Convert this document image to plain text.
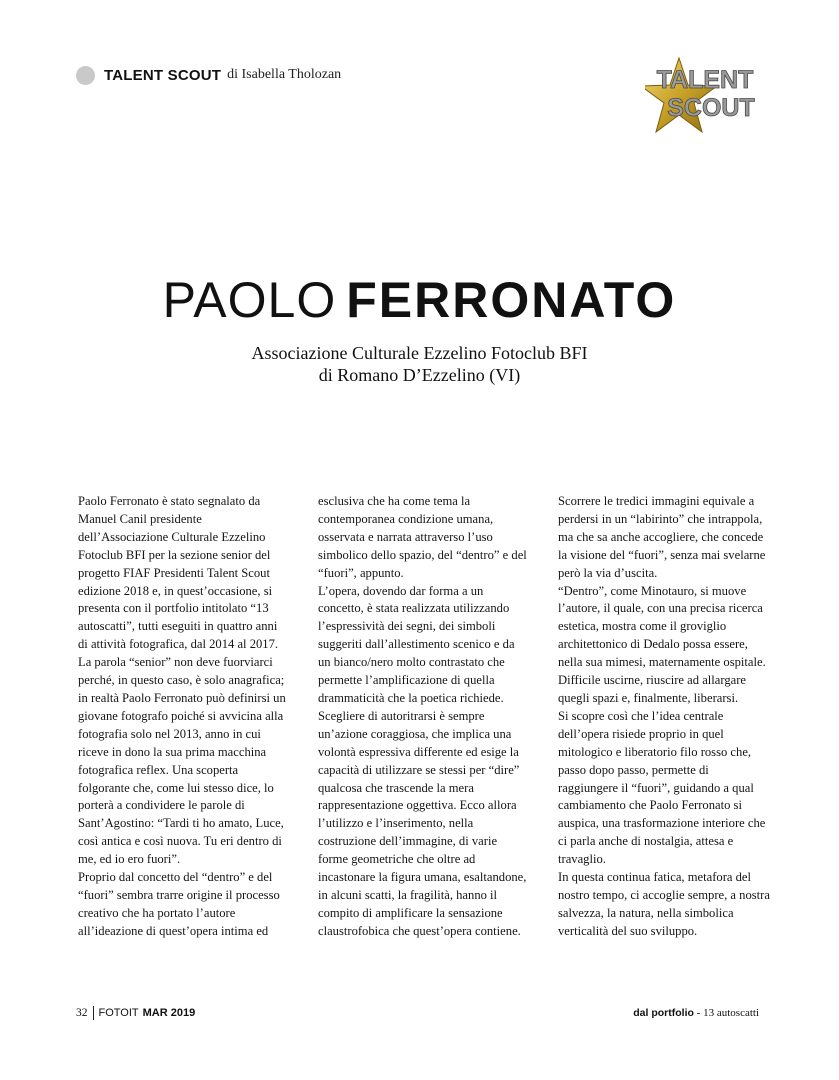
TALENT SCOUT di Isabella Tholozan	TALENT
SCOUT
PAOLO FERRONATO
Associazione Culturale Ezzelino Fotoclub BFI
di Romano D’Ezzelino (VI)

Paolo Ferronato è stato segnalato da Manuel Canil presidente dell’Associazione Culturale Ezzelino Fotoclub BFI per la sezione senior del progetto FIAF Presidenti Talent Scout edizione 2018 e, in quest’occasione, si presenta con il portfolio intitolato “13 autoscatti”, tutti eseguiti in quattro anni di attività fotografica, dal 2014 al 2017.

La parola “senior” non deve fuorviarci perché, in questo caso, è solo anagrafica; in realtà Paolo Ferronato può definirsi un giovane fotografo poiché si avvicina alla fotografia solo nel 2013, anno in cui riceve in dono la sua prima macchina fotografica reflex. Una scoperta folgorante che, come lui stesso dice, lo porterà a condividere le parole di Sant’Agostino: “Tardi ti ho amato, Luce, così antica e così nuova. Tu eri dentro di me, ed io ero fuori”.

Proprio dal concetto del “dentro” e del “fuori” sembra trarre origine il processo creativo che ha portato l’autore all’ideazione di quest’opera intima ed

esclusiva che ha come tema la contemporanea condizione umana, osservata e narrata attraverso l’uso simbolico dello spazio, del “dentro” e del “fuori”, appunto.

L’opera, dovendo dar forma a un concetto, è stata realizzata utilizzando l’espressività dei segni, dei simboli suggeriti dall’allestimento scenico e da un bianco/nero molto contrastato che permette l’amplificazione di quella drammaticità che la poetica richiede. Scegliere di autoritrarsi è sempre un’azione coraggiosa, che implica una volontà espressiva differente ed esige la capacità di utilizzare se stessi per “dire” qualcosa che trascende la mera rappresentazione oggettiva. Ecco allora l’utilizzo e l’inserimento, nella costruzione dell’immagine, di varie forme geometriche che oltre ad incastonare la figura umana, esaltandone, in alcuni scatti, la fragilità, hanno il compito di amplificare la sensazione claustrofobica che quest’opera contiene.

Scorrere le tredici immagini equivale a perdersi in un “labirinto” che intrappola, ma che sa anche accogliere, che concede la visione del “fuori”, senza mai svelarne però la via d’uscita.

“Dentro”, come Minotauro, si muove l’autore, il quale, con una precisa ricerca estetica, mostra come il groviglio architettonico di Dedalo possa essere, nella sua mimesi, maternamente ospitale.

Difficile uscirne, riuscire ad allargare quegli spazi e, finalmente, liberarsi.

Si scopre così che l’idea centrale dell’opera risiede proprio in quel mitologico e liberatorio filo rosso che, passo dopo passo, permette di raggiungere il “fuori”, guidando a qual cambiamento che Paolo Ferronato si auspica, una trasformazione interiore che ci parla anche di nostalgia, attesa e travaglio.

In questa continua fatica, metafora del nostro tempo, ci accoglie sempre, a nostra salvezza, la natura, nella simbolica verticalità del suo sviluppo.

32 FOTOIT MAR 2019	dal portfolio - 13 autoscatti
